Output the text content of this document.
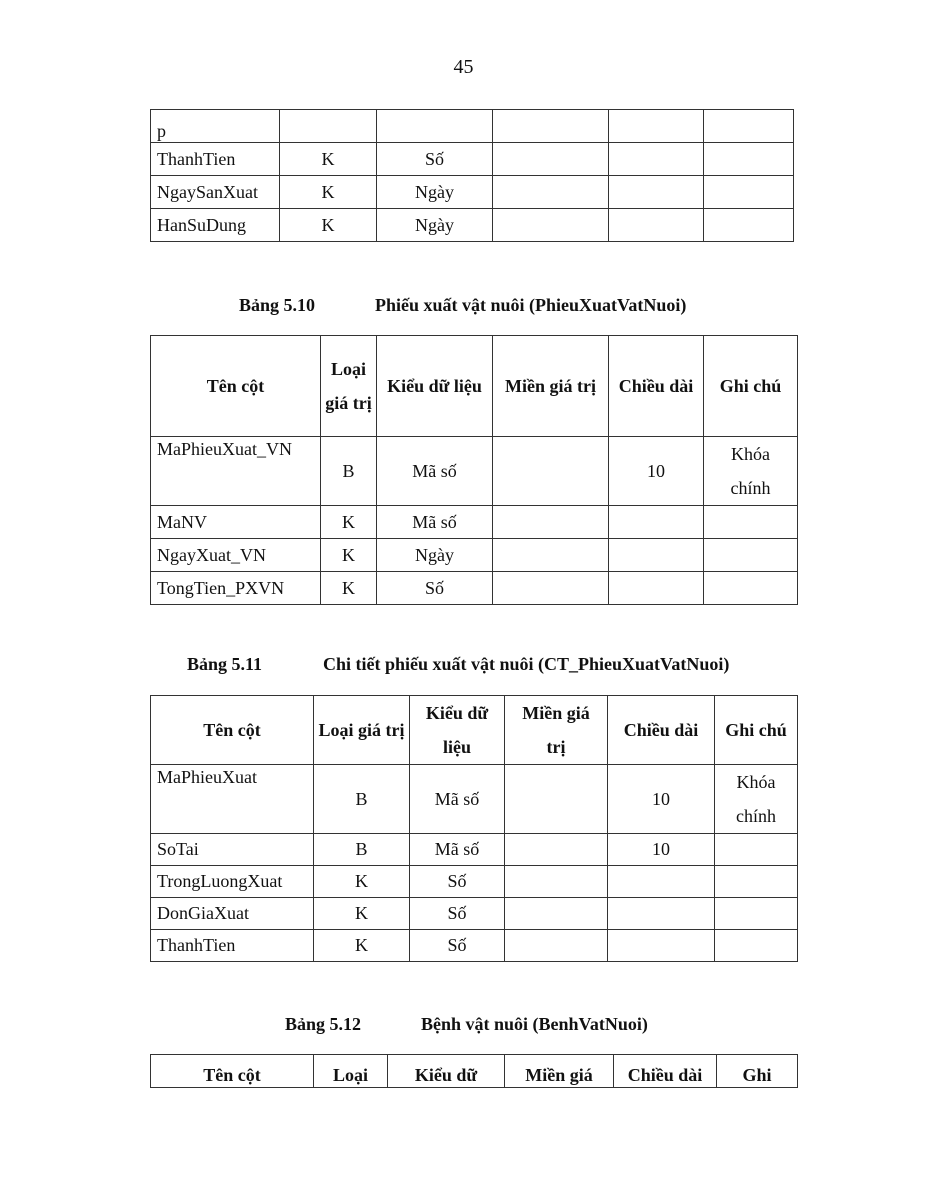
45
p					
ThanhTien	K	Số			
NgaySanXuat	K	Ngày			
HanSuDung	K	Ngày			
Bảng 5.10	Phiếu xuất vật nuôi (PhieuXuatVatNuoi)
Tên cột	Loại giá trị	Kiểu dữ liệu	Miền giá trị	Chiều dài	Ghi chú
MaPhieuXuat_VN	B	Mã số		10	Khóa chính
MaNV	K	Mã số			
NgayXuat_VN	K	Ngày			
TongTien_PXVN	K	Số			
Bảng 5.11	Chi tiết phiếu xuất vật nuôi (CT_PhieuXuatVatNuoi)
Tên cột	Loại giá trị	Kiểu dữ liệu	Miền giá trị	Chiều dài	Ghi chú
MaPhieuXuat	B	Mã số		10	Khóa chính
SoTai	B	Mã số		10	
TrongLuongXuat	K	Số			
DonGiaXuat	K	Số			
ThanhTien	K	Số			
Bảng 5.12	Bệnh vật nuôi (BenhVatNuoi)
Tên cột	Loại	Kiểu dữ	Miền giá	Chiều dài	Ghi
